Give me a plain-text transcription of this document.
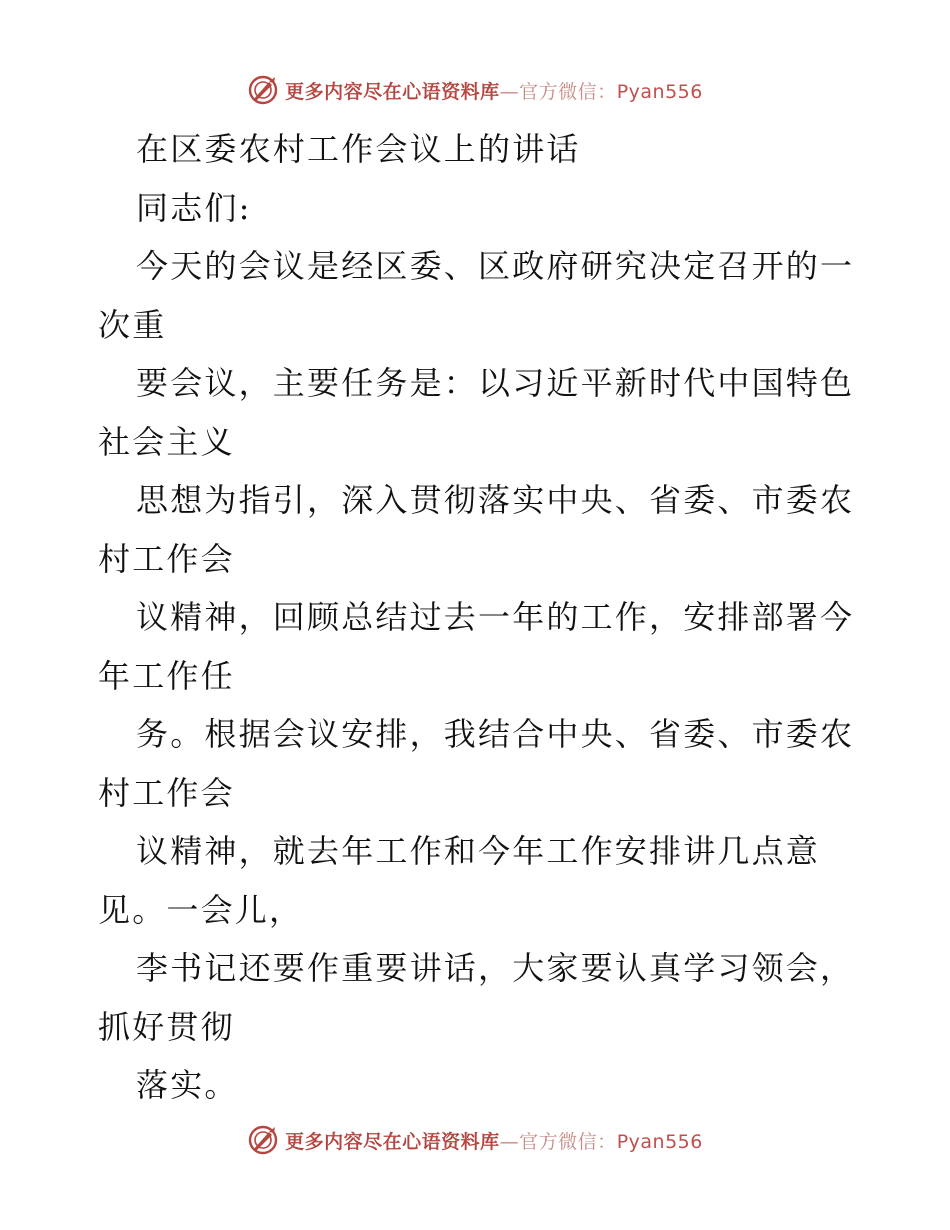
更多内容尽在心语资料库—官方微信：Pyan556
在区委农村工作会议上的讲话
同志们:
今天的会议是经区委、区政府研究决定召开的一
次重
要会议，主要任务是：以习近平新时代中国特色
社会主义
思想为指引，深入贯彻落实中央、省委、市委农
村工作会
议精神，回顾总结过去一年的工作，安排部署今
年工作任
务。根据会议安排，我结合中央、省委、市委农
村工作会
议精神，就去年工作和今年工作安排讲几点意
见。一会儿，
李书记还要作重要讲话，大家要认真学习领会，
抓好贯彻
落实。
更多内容尽在心语资料库—官方微信：Pyan556
